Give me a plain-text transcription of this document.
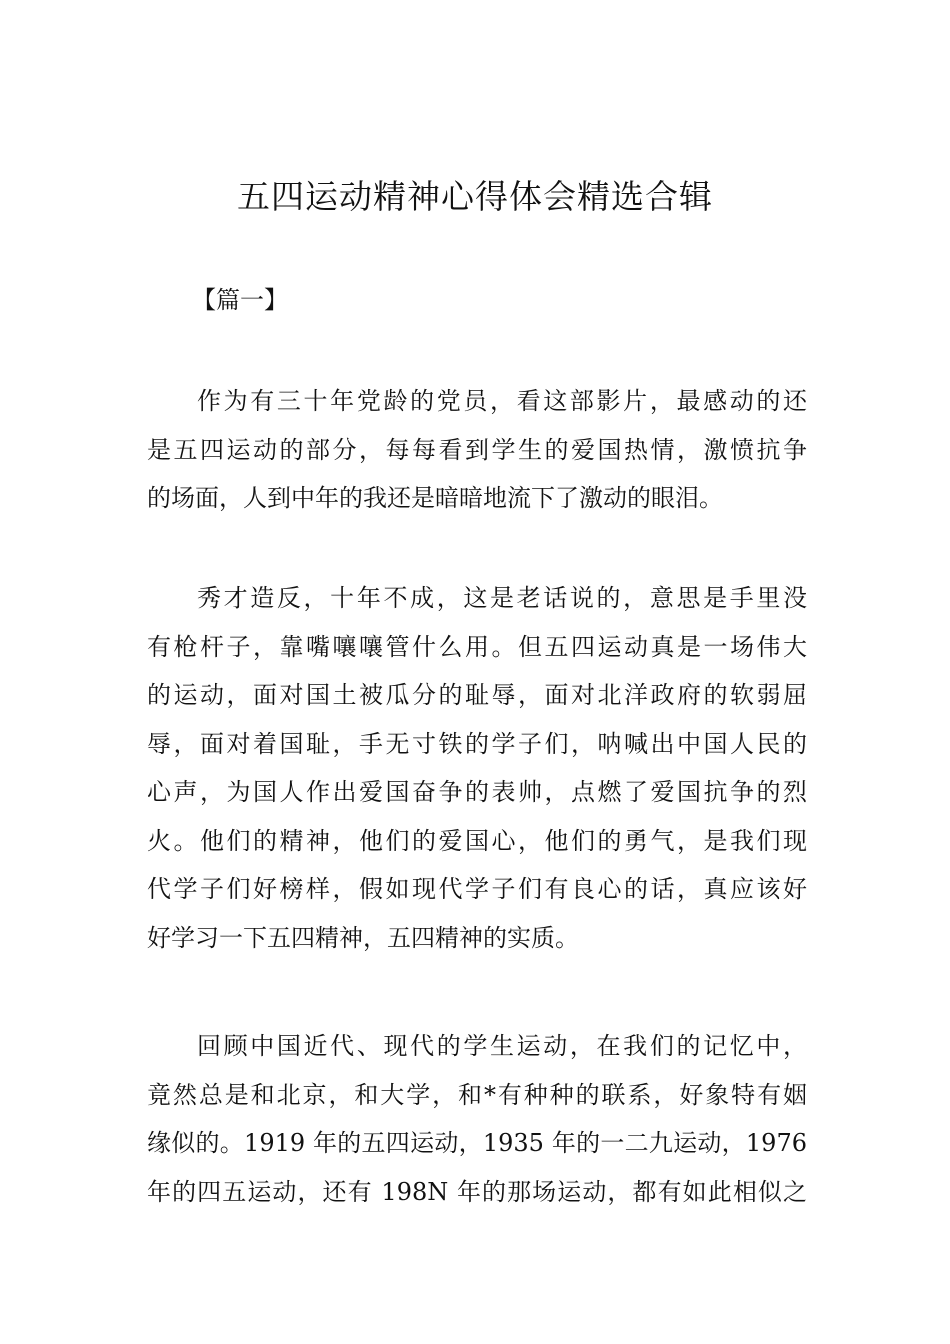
五四运动精神心得体会精选合辑
【篇一】
作为有三十年党龄的党员，看这部影片，最感动的还
是五四运动的部分，每每看到学生的爱国热情，激愤抗争
的场面，人到中年的我还是暗暗地流下了激动的眼泪。
秀才造反，十年不成，这是老话说的，意思是手里没
有枪杆子，靠嘴嚷嚷管什么用。但五四运动真是一场伟大
的运动，面对国土被瓜分的耻辱，面对北洋政府的软弱屈
辱，面对着国耻，手无寸铁的学子们，呐喊出中国人民的
心声，为国人作出爱国奋争的表帅，点燃了爱国抗争的烈
火。他们的精神，他们的爱国心，他们的勇气，是我们现
代学子们好榜样，假如现代学子们有良心的话，真应该好
好学习一下五四精神，五四精神的实质。
回顾中国近代、现代的学生运动，在我们的记忆中，
竟然总是和北京，和大学，和*有种种的联系，好象特有姻
缘似的。1919 年的五四运动，1935 年的一二九运动，1976
年的四五运动，还有 198N 年的那场运动，都有如此相似之
